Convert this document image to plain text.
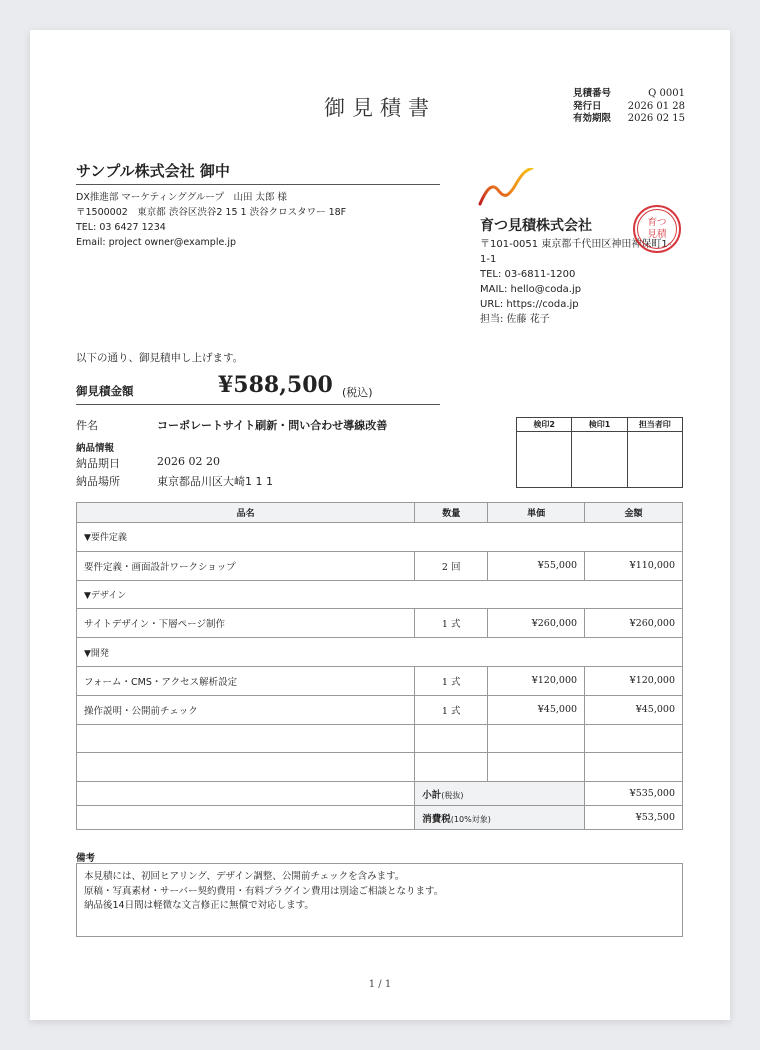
御見積書
見積番号	Q 0001
発行日	2026 01 28
有効期限	2026 02 15
サンプル株式会社 御中
DX推進部 マーケティンググループ　山田 太郎 様
〒1500002　東京都 渋谷区渋谷2 15 1 渋谷クロスタワー 18F
TEL: 03 6427 1234
Email: project owner@example.jp
育つ見積株式会社
〒101-0051 東京都千代田区神田神保町1-
1-1
TEL: 03-6811-1200
MAIL: hello@coda.jp
URL: https://coda.jp
担当: 佐藤 花子
育つ
見積
以下の通り、御見積申し上げます。
御見積金額	¥588,500 (税込)
件名	コーポレートサイト刷新・問い合わせ導線改善
納品情報
納品期日	2026 02 20
納品場所	東京都品川区大崎1 1 1
検印2	検印1	担当者印
品名	数量	単価	金額
▼要件定義			
要件定義・画面設計ワークショップ	2 回	¥55,000	¥110,000
▼デザイン			
サイトデザイン・下層ページ制作	1 式	¥260,000	¥260,000
▼開発			
フォーム・CMS・アクセス解析設定	1 式	¥120,000	¥120,000
操作説明・公開前チェック	1 式	¥45,000	¥45,000

	小計(税抜)		¥535,000
	消費税(10%対象)		¥53,500
備考
本見積には、初回ヒアリング、デザイン調整、公開前チェックを含みます。
原稿・写真素材・サーバー契約費用・有料プラグイン費用は別途ご相談となります。
納品後14日間は軽微な文言修正に無償で対応します。
1 / 1
